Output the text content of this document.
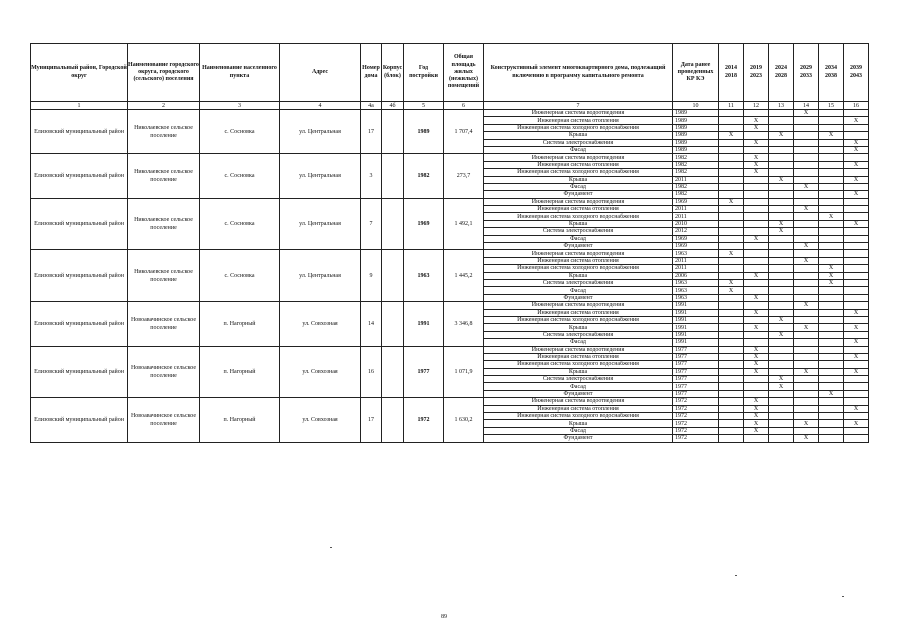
Муниципальный район, Городской округ	Наименование городского округа, городского (сельского) поселения	Наименование населенного пункта	Адрес	Номер дома	Корпус (блок)	Год постройки	Общая площадь жилых (нежилых) помещений	Конструктивный элемент многоквартирного дома, подлежащий включению в программу капитального ремонта	Дата ранее проведенных КР КЭ	2014 2018	2019 2023	2024 2028	2029 2033	2034 2038	2039 2043
1	2	3	4	4а	4б	5	6	7	10	11	12	13	14	15	16
Елизовский муниципальный район	Николаевское сельское поселение	с. Сосновка	ул. Центральная	17		1989	1 707,4	Инженерная система водоотведения	1989				X		
								Инженерная система отопления	1989		X				X
								Инженерная система холодного водоснабжения	1989		X				
								Крыша	1989	X		X		X	
								Система электроснабжения	1989		X				X
								Фасад	1989						X
Елизовский муниципальный район	Николаевское сельское поселение	с. Сосновка	ул. Центральная	3		1982	273,7	Инженерная система водоотведения	1982		X				
								Инженерная система отопления	1982		X				X
								Инженерная система холодного водоснабжения	1982		X				
								Крыша	2011			X			X
								Фасад	1982				X		
								Фундамент	1982						X
Елизовский муниципальный район	Николаевское сельское поселение	с. Сосновка	ул. Центральная	7		1969	1 492,1	Инженерная система водоотведения	1969	X					
								Инженерная система отопления	2011				X		
								Инженерная система холодного водоснабжения	2011					X	
								Крыша	2010			X			X
								Система электроснабжения	2012			X			
								Фасад	1969		X				
								Фундамент	1969				X		
Елизовский муниципальный район	Николаевское сельское поселение	с. Сосновка	ул. Центральная	9		1963	1 445,2	Инженерная система водоотведения	1963	X					
								Инженерная система отопления	2011				X		
								Инженерная система холодного водоснабжения	2011					X	
								Крыша	2006		X			X	
								Система электроснабжения	1963	X				X	
								Фасад	1963	X					
								Фундамент	1963		X				
Елизовский муниципальный район	Новоавачинское сельское поселение	п. Нагорный	ул. Совхозная	14		1991	3 346,8	Инженерная система водоотведения	1991				X		
								Инженерная система отопления	1991		X				X
								Инженерная система холодного водоснабжения	1991			X			
								Крыша	1991		X		X		X
								Система электроснабжения	1991			X			
								Фасад	1991						X
Елизовский муниципальный район	Новоавачинское сельское поселение	п. Нагорный	ул. Совхозная	16		1977	1 071,9	Инженерная система водоотведения	1977		X				
								Инженерная система отопления	1977		X				X
								Инженерная система холодного водоснабжения	1977		X				
								Крыша	1977		X		X		X
								Система электроснабжения	1977			X			
								Фасад	1977			X			
								Фундамент	1977					X	
Елизовский муниципальный район	Новоавачинское сельское поселение	п. Нагорный	ул. Совхозная	17		1972	1 630,2	Инженерная система водоотведения	1972		X				
								Инженерная система отопления	1972		X				X
								Инженерная система холодного водоснабжения	1972		X				
								Крыша	1972		X		X		X
								Фасад	1972		X				
								Фундамент	1972				X		
89
